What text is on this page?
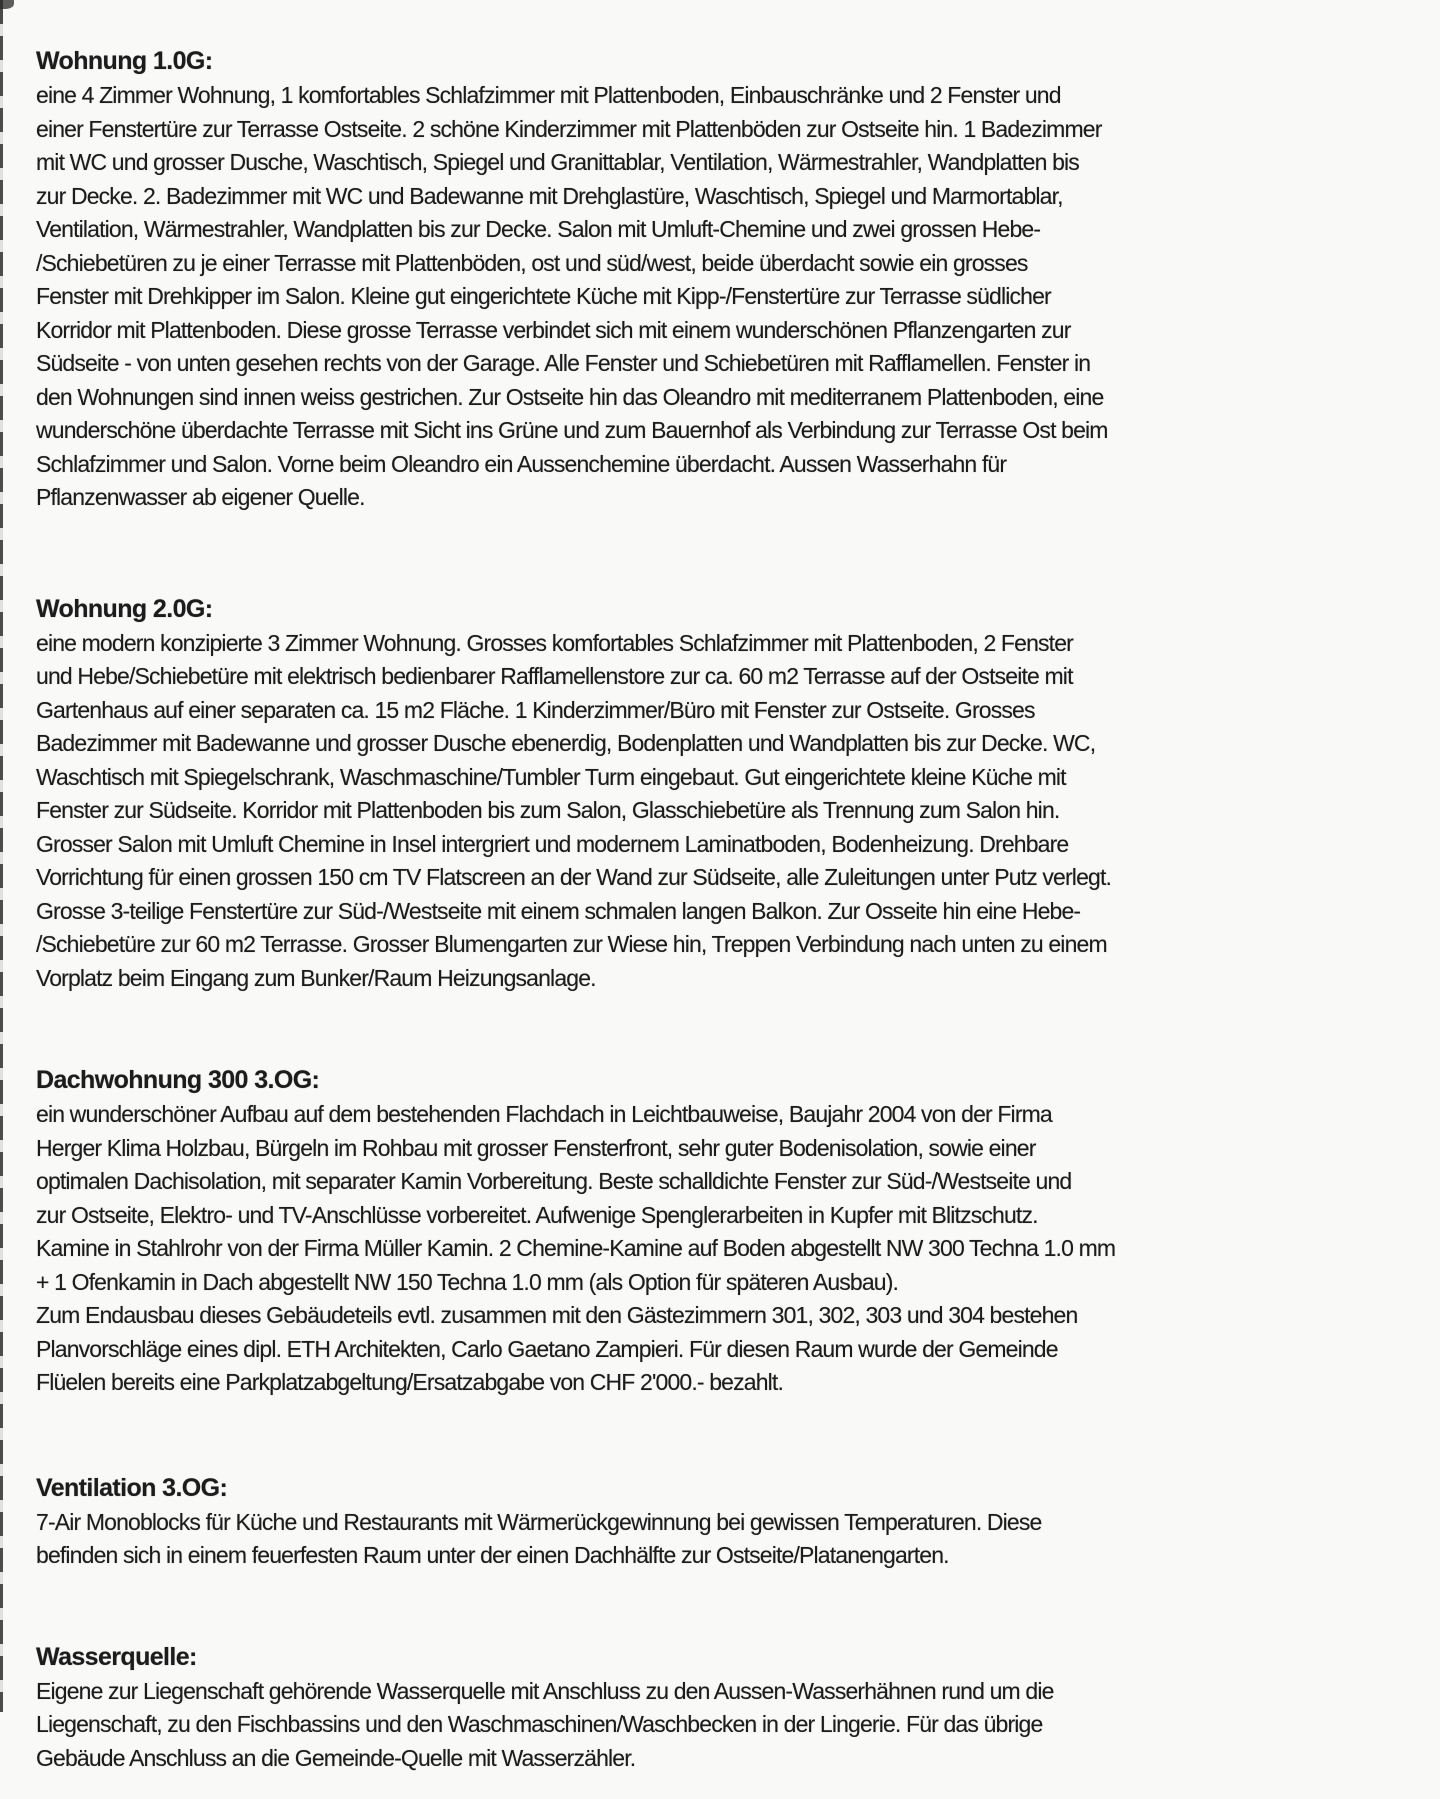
Wohnung 1.0G:
eine 4 Zimmer Wohnung, 1 komfortables Schlafzimmer mit Plattenboden, Einbauschränke und 2 Fenster und
einer Fenstertüre zur Terrasse Ostseite. 2 schöne Kinderzimmer mit Plattenböden zur Ostseite hin. 1 Badezimmer
mit WC und grosser Dusche, Waschtisch, Spiegel und Granittablar, Ventilation, Wärmestrahler, Wandplatten bis
zur Decke. 2. Badezimmer mit WC und Badewanne mit Drehglastüre, Waschtisch, Spiegel und Marmortablar,
Ventilation, Wärmestrahler, Wandplatten bis zur Decke. Salon mit Umluft-Chemine und zwei grossen Hebe-
/Schiebetüren zu je einer Terrasse mit Plattenböden, ost und süd/west, beide überdacht sowie ein grosses
Fenster mit Drehkipper im Salon. Kleine gut eingerichtete Küche mit Kipp-/Fenstertüre zur Terrasse südlicher
Korridor mit Plattenboden. Diese grosse Terrasse verbindet sich mit einem wunderschönen Pflanzengarten zur
Südseite - von unten gesehen rechts von der Garage. Alle Fenster und Schiebetüren mit Rafflamellen. Fenster in
den Wohnungen sind innen weiss gestrichen. Zur Ostseite hin das Oleandro mit mediterranem Plattenboden, eine
wunderschöne überdachte Terrasse mit Sicht ins Grüne und zum Bauernhof als Verbindung zur Terrasse Ost beim
Schlafzimmer und Salon. Vorne beim Oleandro ein Aussenchemine überdacht. Aussen Wasserhahn für
Pflanzenwasser ab eigener Quelle.
Wohnung 2.0G:
eine modern konzipierte 3 Zimmer Wohnung. Grosses komfortables Schlafzimmer mit Plattenboden, 2 Fenster
und Hebe/Schiebetüre mit elektrisch bedienbarer Rafflamellenstore zur ca. 60 m2 Terrasse auf der Ostseite mit
Gartenhaus auf einer separaten ca. 15 m2 Fläche. 1 Kinderzimmer/Büro mit Fenster zur Ostseite. Grosses
Badezimmer mit Badewanne und grosser Dusche ebenerdig, Bodenplatten und Wandplatten bis zur Decke. WC,
Waschtisch mit Spiegelschrank, Waschmaschine/Tumbler Turm eingebaut. Gut eingerichtete kleine Küche mit
Fenster zur Südseite. Korridor mit Plattenboden bis zum Salon, Glasschiebetüre als Trennung zum Salon hin.
Grosser Salon mit Umluft Chemine in Insel intergriert und modernem Laminatboden, Bodenheizung. Drehbare
Vorrichtung für einen grossen 150 cm TV Flatscreen an der Wand zur Südseite, alle Zuleitungen unter Putz verlegt.
Grosse 3-teilige Fenstertüre zur Süd-/Westseite mit einem schmalen langen Balkon. Zur Osseite hin eine Hebe-
/Schiebetüre zur 60 m2 Terrasse. Grosser Blumengarten zur Wiese hin, Treppen Verbindung nach unten zu einem
Vorplatz beim Eingang zum Bunker/Raum Heizungsanlage.
Dachwohnung 300 3.OG:
ein wunderschöner Aufbau auf dem bestehenden Flachdach in Leichtbauweise, Baujahr 2004 von der Firma
Herger Klima Holzbau, Bürgeln im Rohbau mit grosser Fensterfront, sehr guter Bodenisolation, sowie einer
optimalen Dachisolation, mit separater Kamin Vorbereitung. Beste schalldichte Fenster zur Süd-/Westseite und
zur Ostseite, Elektro- und TV-Anschlüsse vorbereitet. Aufwenige Spenglerarbeiten in Kupfer mit Blitzschutz.
Kamine in Stahlrohr von der Firma Müller Kamin. 2 Chemine-Kamine auf Boden abgestellt NW 300 Techna 1.0 mm
+ 1 Ofenkamin in Dach abgestellt NW 150 Techna 1.0 mm (als Option für späteren Ausbau).
Zum Endausbau dieses Gebäudeteils evtl. zusammen mit den Gästezimmern 301, 302, 303 und 304 bestehen
Planvorschläge eines dipl. ETH Architekten, Carlo Gaetano Zampieri. Für diesen Raum wurde der Gemeinde
Flüelen bereits eine Parkplatzabgeltung/Ersatzabgabe von CHF 2'000.- bezahlt.
Ventilation 3.OG:
7-Air Monoblocks für Küche und Restaurants mit Wärmerückgewinnung bei gewissen Temperaturen. Diese
befinden sich in einem feuerfesten Raum unter der einen Dachhälfte zur Ostseite/Platanengarten.
Wasserquelle:
Eigene zur Liegenschaft gehörende Wasserquelle mit Anschluss zu den Aussen-Wasserhähnen rund um die
Liegenschaft, zu den Fischbassins und den Waschmaschinen/Waschbecken in der Lingerie. Für das übrige
Gebäude Anschluss an die Gemeinde-Quelle mit Wasserzähler.
